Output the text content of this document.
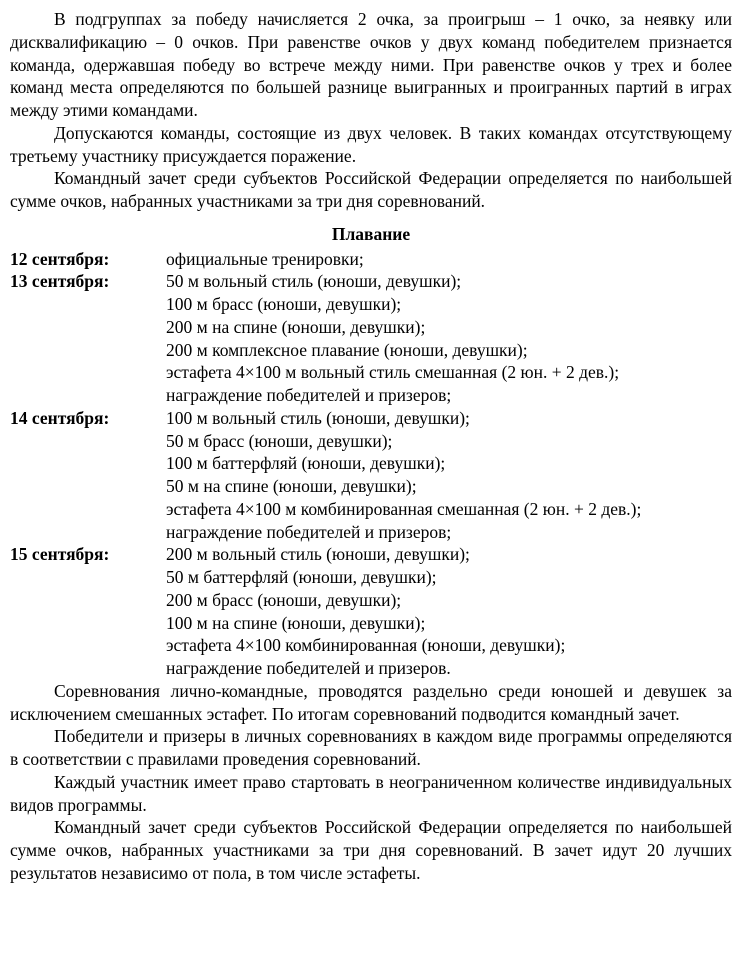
В подгруппах за победу начисляется 2 очка, за проигрыш – 1 очко, за неявку или дисквалификацию – 0 очков. При равенстве очков у двух команд победителем признается команда, одержавшая победу во встрече между ними. При равенстве очков у трех и более команд места определяются по большей разнице выигранных и проигранных партий в играх между этими командами.

Допускаются команды, состоящие из двух человек. В таких командах отсутствующему третьему участнику присуждается поражение.

Командный зачет среди субъектов Российской Федерации определяется по наибольшей сумме очков, набранных участниками за три дня соревнований.

Плавание
12 сентября:	официальные тренировки;

13 сентября:	50 м вольный стиль (юноши, девушки);
100 м брасс (юноши, девушки);
200 м на спине (юноши, девушки);
200 м комплексное плавание (юноши, девушки);
эстафета 4×100 м вольный стиль смешанная (2 юн. + 2 дев.);
награждение победителей и призеров;

14 сентября:	100 м вольный стиль (юноши, девушки);
50 м брасс (юноши, девушки);
100 м баттерфляй (юноши, девушки);
50 м на спине (юноши, девушки);
эстафета 4×100 м комбинированная смешанная (2 юн. + 2 дев.);
награждение победителей и призеров;

15 сентября:	200 м вольный стиль (юноши, девушки);
50 м баттерфляй (юноши, девушки);
200 м брасс (юноши, девушки);
100 м на спине (юноши, девушки);
эстафета 4×100 комбинированная (юноши, девушки);
награждение победителей и призеров.

Соревнования лично-командные, проводятся раздельно среди юношей и девушек за исключением смешанных эстафет. По итогам соревнований подводится командный зачет.

Победители и призеры в личных соревнованиях в каждом виде программы определяются в соответствии с правилами проведения соревнований.

Каждый участник имеет право стартовать в неограниченном количестве индивидуальных видов программы.

Командный зачет среди субъектов Российской Федерации определяется по наибольшей сумме очков, набранных участниками за три дня соревнований. В зачет идут 20 лучших результатов независимо от пола, в том числе эстафеты.
